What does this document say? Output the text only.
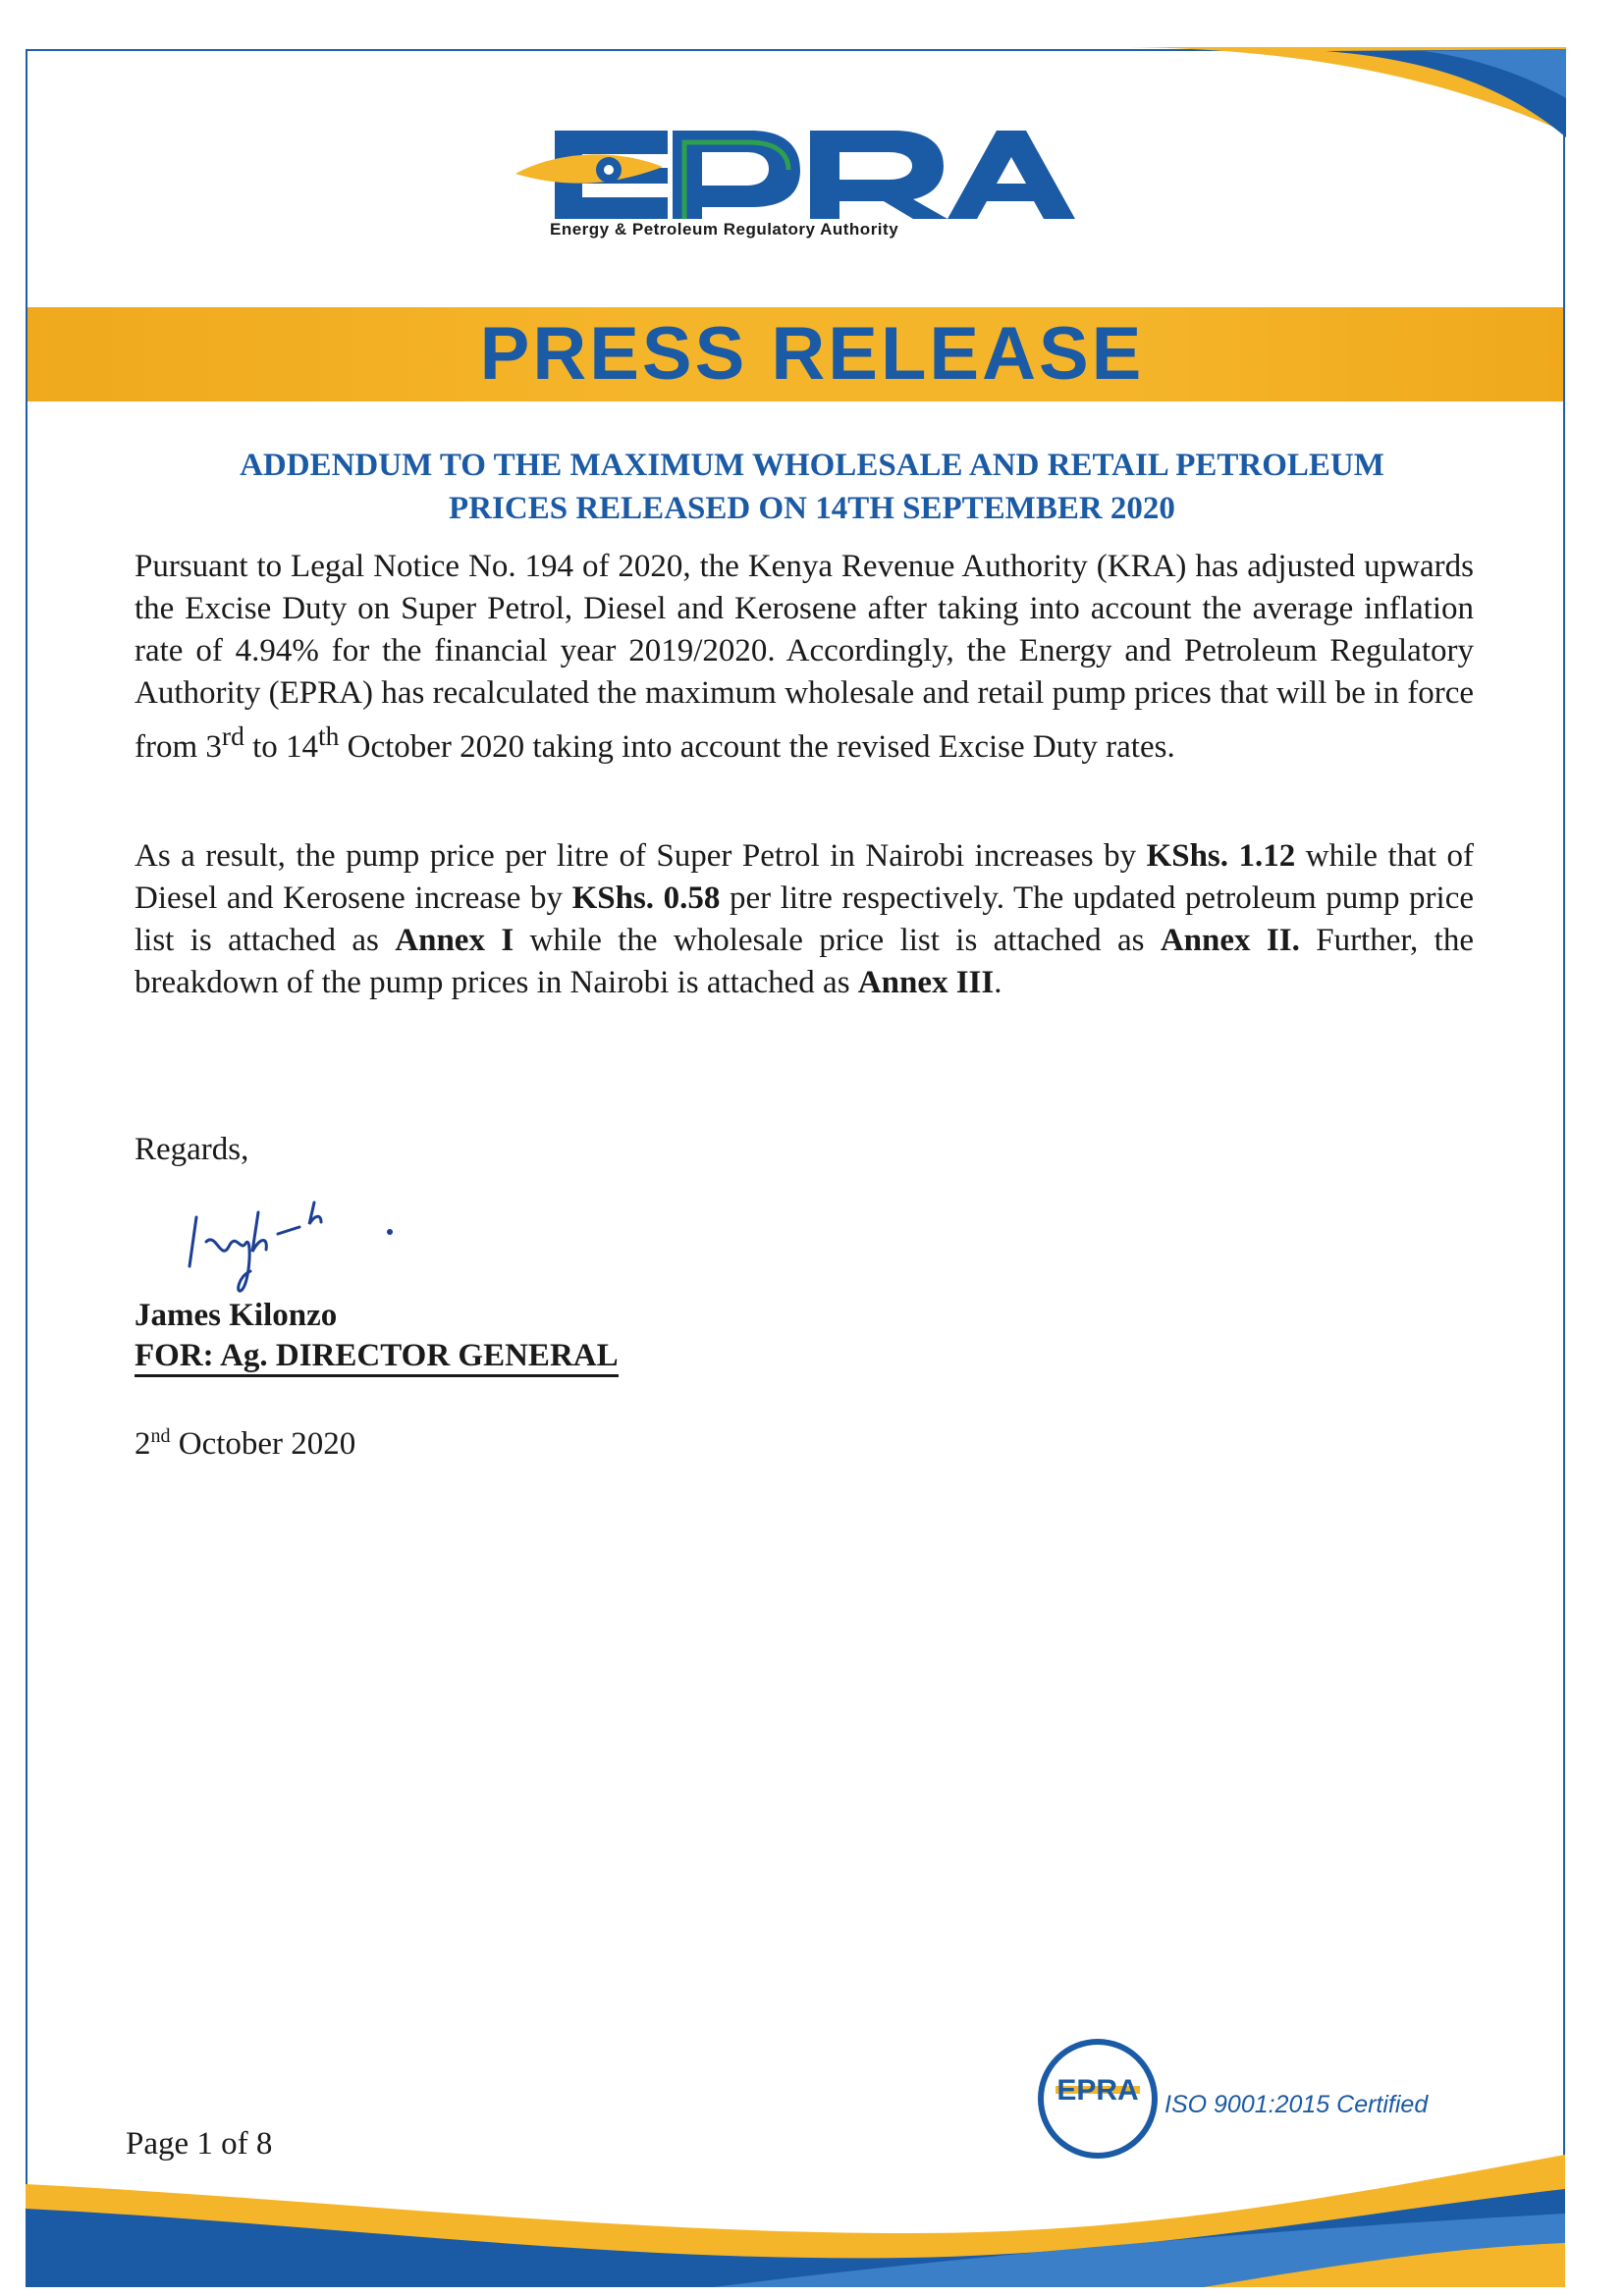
Energy & Petroleum Regulatory Authority
PRESS RELEASE
ADDENDUM TO THE MAXIMUM WHOLESALE AND RETAIL PETROLEUM
PRICES RELEASED ON 14TH SEPTEMBER 2020
Pursuant to Legal Notice No. 194 of 2020, the Kenya Revenue Authority (KRA) has adjusted upwards the Excise Duty on Super Petrol, Diesel and Kerosene after taking into account the average inflation rate of 4.94% for the financial year 2019/2020. Accordingly, the Energy and Petroleum Regulatory Authority (EPRA) has recalculated the maximum wholesale and retail pump prices that will be in force from 3rd to 14th October 2020 taking into account the revised Excise Duty rates.
As a result, the pump price per litre of Super Petrol in Nairobi increases by KShs. 1.12 while that of Diesel and Kerosene increase by KShs. 0.58 per litre respectively. The updated petroleum pump price list is attached as Annex I while the wholesale price list is attached as Annex II. Further, the breakdown of the pump prices in Nairobi is attached as Annex III.
Regards,
James Kilonzo
FOR: Ag. DIRECTOR GENERAL
2nd October 2020
EPRA ISO 9001:2015 Certified
Page 1 of 8
